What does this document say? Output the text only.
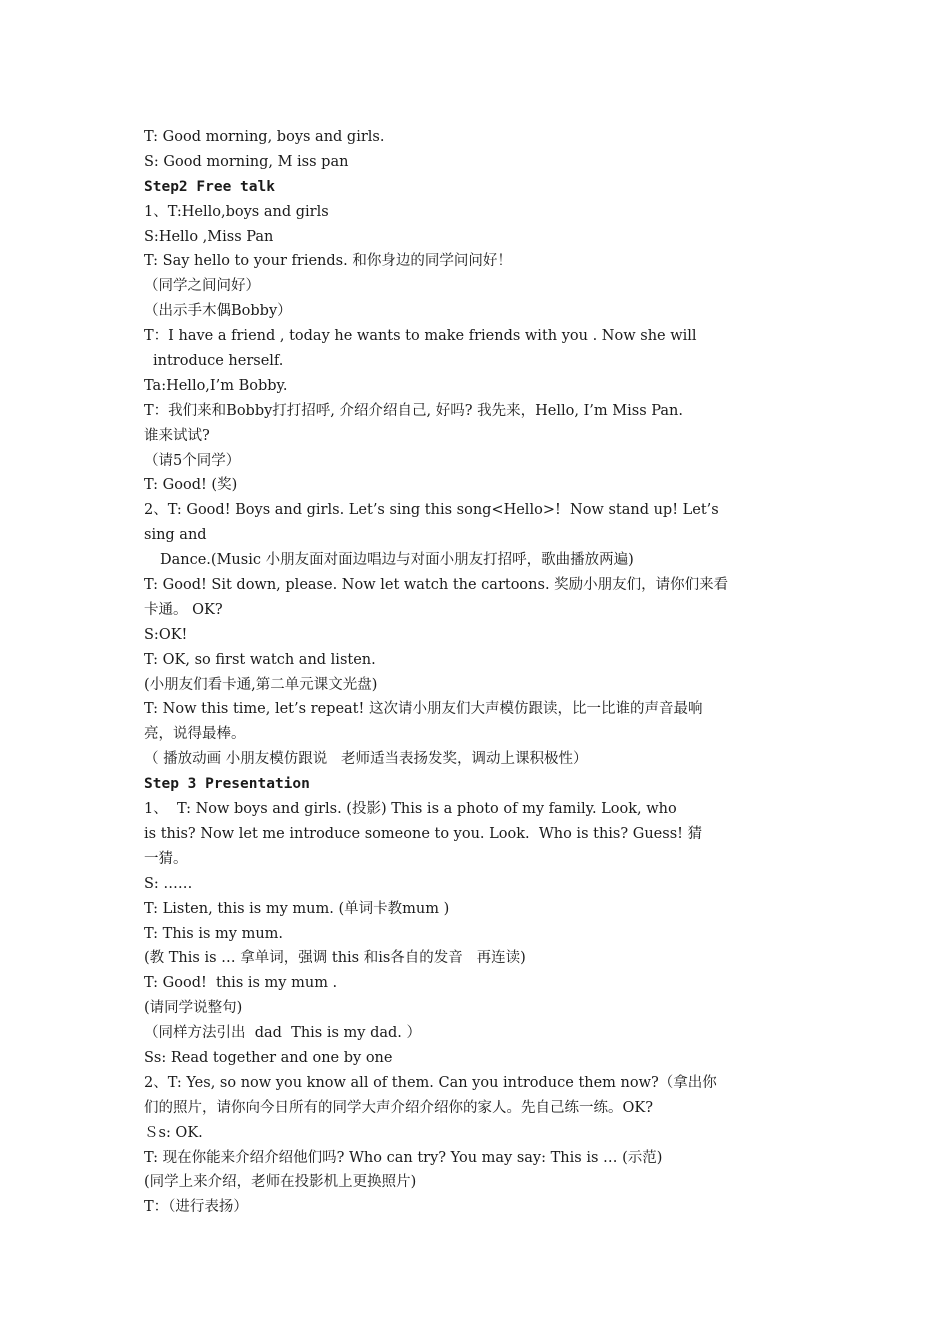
T: Good morning, boys and girls.
S: Good morning, M iss pan
Step2 Free talk
1、T:Hello,boys and girls
S:Hello ,Miss Pan
T: Say hello to your friends. 和你身边的同学问问好！
（同学之间问好）
（出示手木偶Bobby）
T：I have a friend , today he wants to make friends with you . Now she will
introduce herself.
Ta:Hello,I’m Bobby.
T：我们来和Bobby打打招呼, 介绍介绍自己, 好吗? 我先来，Hello, I’m Miss Pan.
谁来试试?
（请5个同学）
T: Good! (奖)
2、T: Good! Boys and girls. Let’s sing this song<Hello>!  Now stand up! Let’s
sing and
Dance.(Music 小朋友面对面边唱边与对面小朋友打招呼，歌曲播放两遍)
T: Good! Sit down, please. Now let watch the cartoons. 奖励小朋友们，请你们来看
卡通。 OK?
S:OK!
T: OK, so first watch and listen.
(小朋友们看卡通,第二单元课文光盘)
T: Now this time, let’s repeat! 这次请小朋友们大声模仿跟读，比一比谁的声音最响
亮，说得最棒。
（ 播放动画 小朋友模仿跟说   老师适当表扬发奖，调动上课积极性）
Step 3 Presentation
1、  T: Now boys and girls. (投影) This is a photo of my family. Look, who
is this? Now let me introduce someone to you. Look.  Who is this? Guess! 猜
一猜。
S: ……
T: Listen, this is my mum. (单词卡教mum )
T: This is my mum.
(教 This is … 拿单词，强调 this 和is各自的发音   再连读)
T: Good!  this is my mum .
(请同学说整句)
（同样方法引出  dad  This is my dad. ）
Ss: Read together and one by one
2、T: Yes, so now you know all of them. Can you introduce them now?（拿出你
们的照片，请你向今日所有的同学大声介绍介绍你的家人。先自己练一练。OK?
Ｓs: OK.
T: 现在你能来介绍介绍他们吗? Who can try? You may say: This is … (示范)
(同学上来介绍，老师在投影机上更换照片)
T：（进行表扬）
